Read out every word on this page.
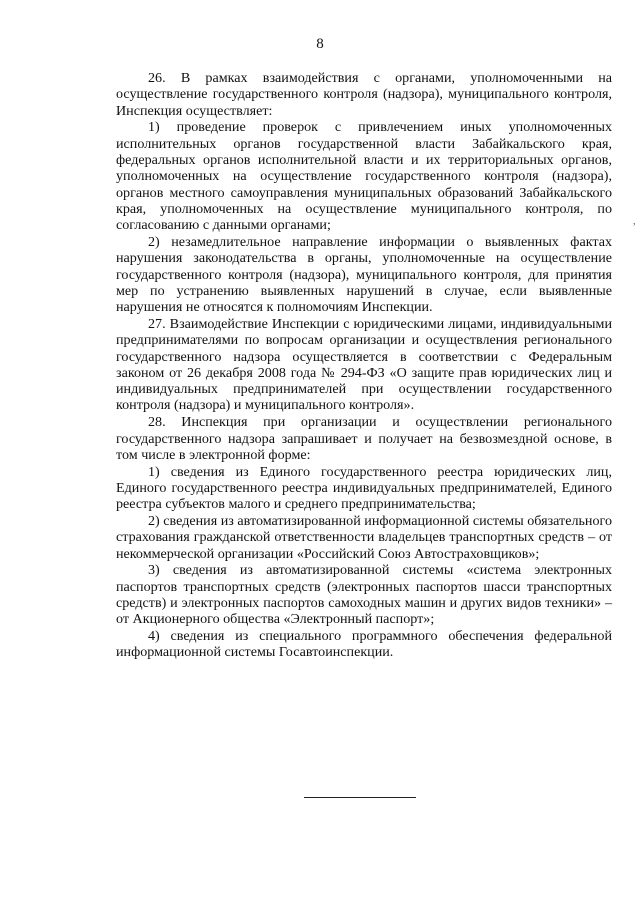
8

26. В рамках взаимодействия с органами, уполномоченными на осуществление государственного контроля (надзора), муниципального контроля, Инспекция осуществляет:

1) проведение проверок с привлечением иных уполномоченных исполнительных органов государственной власти Забайкальского края, федеральных органов исполнительной власти и их территориальных органов, уполномоченных на осуществление государственного контроля (надзора), органов местного самоуправления муниципальных образований Забайкальского края, уполномоченных на осуществление муниципального контроля, по согласованию с данными органами;

2) незамедлительное направление информации о выявленных фактах нарушения законодательства в органы, уполномоченные на осуществление государственного контроля (надзора), муниципального контроля, для принятия мер по устранению выявленных нарушений в случае, если выявленные нарушения не относятся к полномочиям Инспекции.

27. Взаимодействие Инспекции с юридическими лицами, индивидуальными предпринимателями по вопросам организации и осуществления регионального государственного надзора осуществляется в соответствии с Федеральным законом от 26 декабря 2008 года № 294-ФЗ «О защите прав юридических лиц и индивидуальных предпринимателей при осуществлении государственного контроля (надзора) и муниципального контроля».

28. Инспекция при организации и осуществлении регионального государственного надзора запрашивает и получает на безвозмездной основе, в том числе в электронной форме:

1) сведения из Единого государственного реестра юридических лиц, Единого государственного реестра индивидуальных предпринимателей, Единого реестра субъектов малого и среднего предпринимательства;

2) сведения из автоматизированной информационной системы обязательного страхования гражданской ответственности владельцев транспортных средств – от некоммерческой организации «Российский Союз Автостраховщиков»;

3) сведения из автоматизированной системы «система электронных паспортов транспортных средств (электронных паспортов шасси транспортных средств) и электронных паспортов самоходных машин и других видов техники» – от Акционерного общества «Электронный паспорт»;

4) сведения из специального программного обеспечения федеральной информационной системы Госавтоинспекции.

,
